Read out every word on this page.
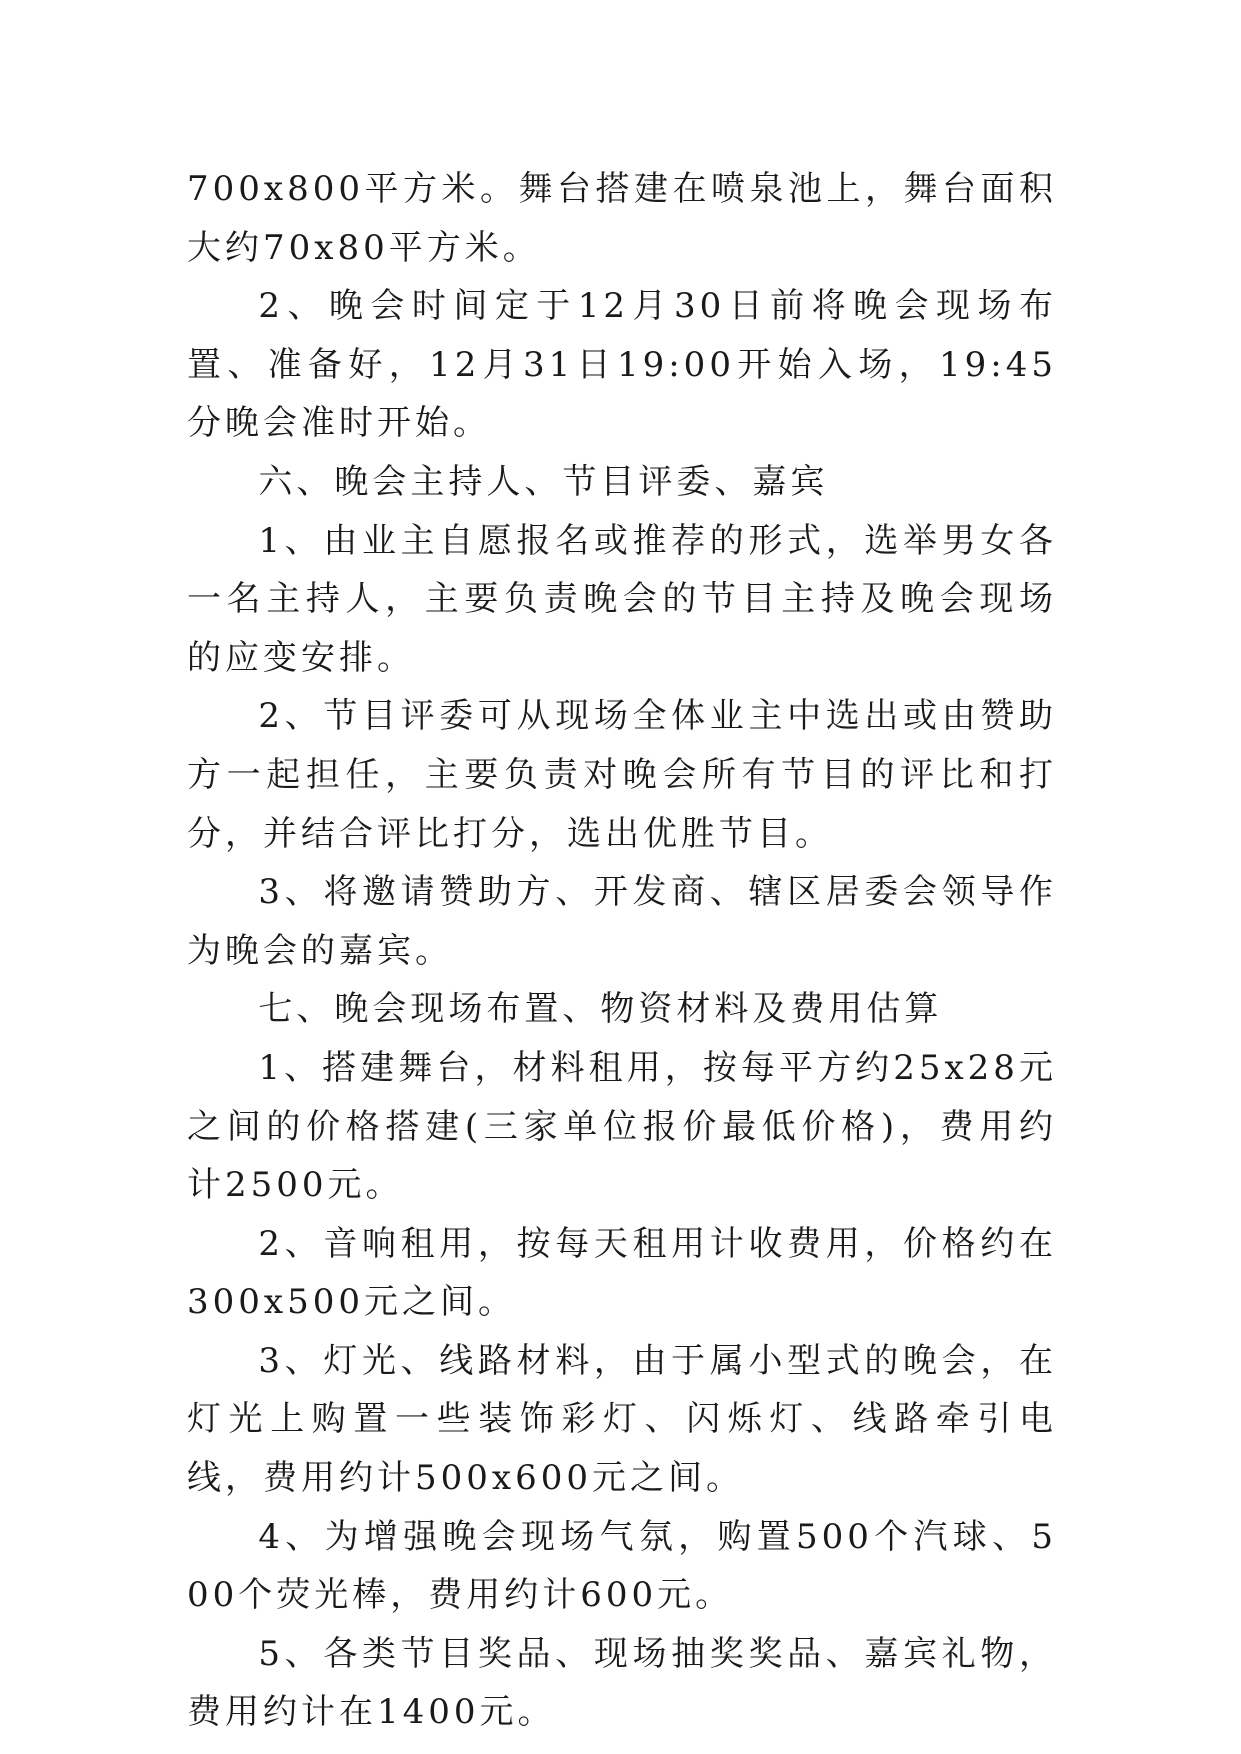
700x800平方米。舞台搭建在喷泉池上，舞台面积大约70x80平方米。

2、晚会时间定于12月30日前将晚会现场布置、准备好，12月31日19:00开始入场，19:45分晚会准时开始。

六、晚会主持人、节目评委、嘉宾

1、由业主自愿报名或推荐的形式，选举男女各一名主持人，主要负责晚会的节目主持及晚会现场的应变安排。

2、节目评委可从现场全体业主中选出或由赞助方一起担任，主要负责对晚会所有节目的评比和打分，并结合评比打分，选出优胜节目。

3、将邀请赞助方、开发商、辖区居委会领导作为晚会的嘉宾。

七、晚会现场布置、物资材料及费用估算

1、搭建舞台，材料租用，按每平方约25x28元之间的价格搭建(三家单位报价最低价格)，费用约计2500元。

2、音响租用，按每天租用计收费用，价格约在300x500元之间。

3、灯光、线路材料，由于属小型式的晚会，在灯光上购置一些装饰彩灯、闪烁灯、线路牵引电线，费用约计500x600元之间。

4、为增强晚会现场气氛，购置500个汽球、500个荧光棒，费用约计600元。

5、各类节目奖品、现场抽奖奖品、嘉宾礼物，费用约计在1400元。
